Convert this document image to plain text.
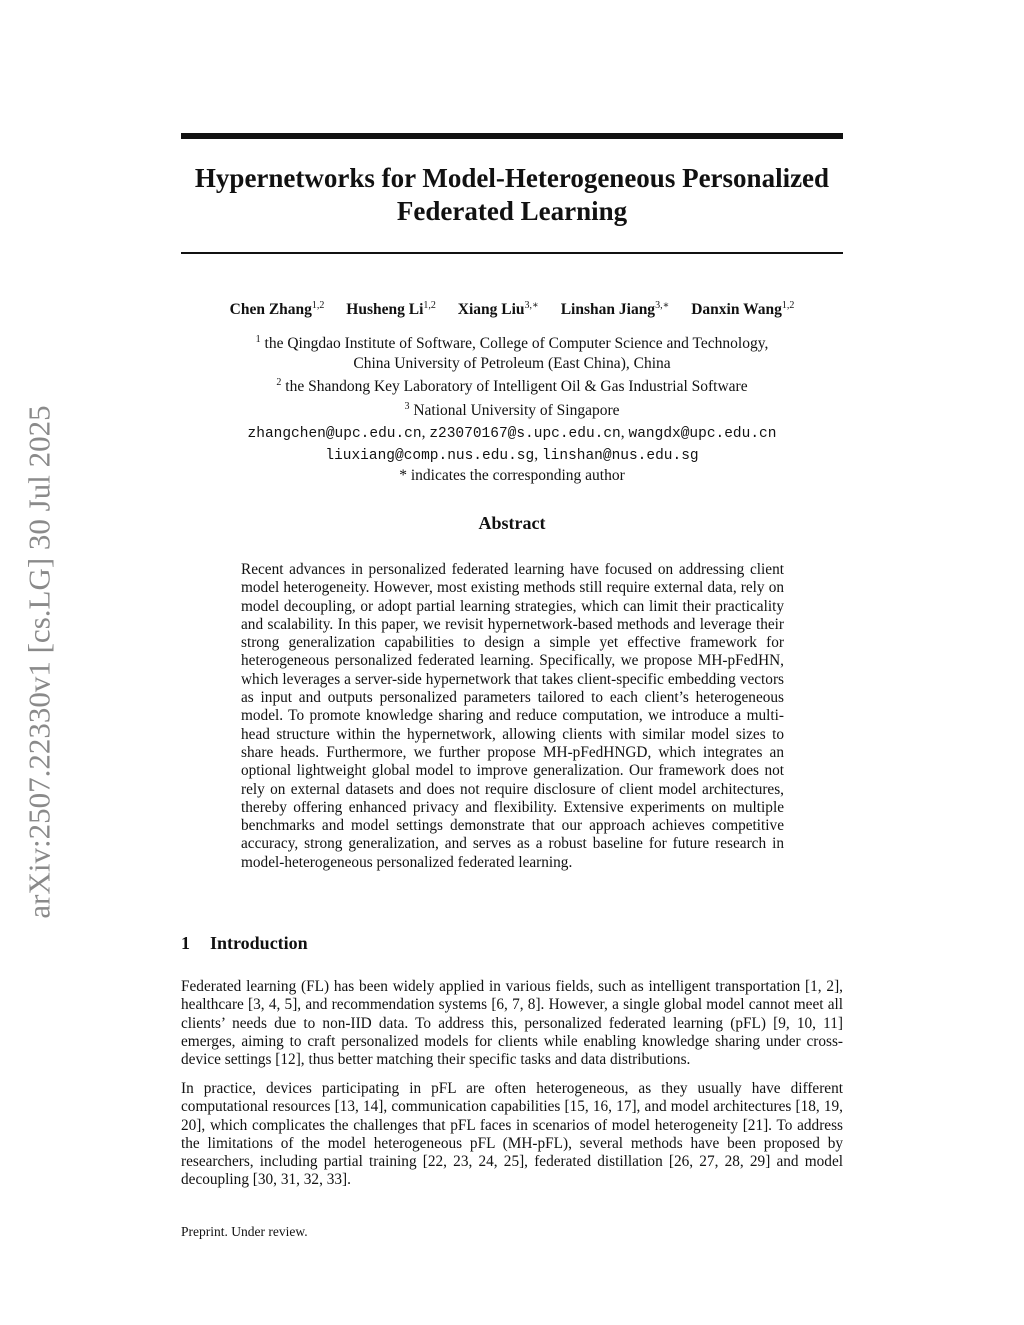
arXiv:2507.22330v1 [cs.LG] 30 Jul 2025
Hypernetworks for Model-Heterogeneous Personalized Federated Learning
Chen Zhang$^{1,2}$ Husheng Li$^{1,2}$ Xiang Liu$^{3,∗}$ Linshan Jiang$^{3,∗}$ Danxin Wang$^{1,2}$
$^1$ the Qingdao Institute of Software, College of Computer Science and Technology,
China University of Petroleum (East China), China
$^2$ the Shandong Key Laboratory of Intelligent Oil & Gas Industrial Software
$^3$ National University of Singapore
zhangchen@upc.edu.cn, z23070167@s.upc.edu.cn, wangdx@upc.edu.cn
liuxiang@comp.nus.edu.sg, linshan@nus.edu.sg
* indicates the corresponding author
Abstract

Recent advances in personalized federated learning have focused on addressing client model heterogeneity. However, most existing methods still require external data, rely on model decoupling, or adopt partial learning strategies, which can limit their practicality and scalability. In this paper, we revisit hypernetwork-based methods and leverage their strong generalization capabilities to design a simple yet effective framework for heterogeneous personalized federated learning. Specifically, we propose MH-pFedHN, which leverages a server-side hypernetwork that takes client-specific embedding vectors as input and outputs personalized parameters tailored to each client’s heterogeneous model. To promote knowledge sharing and reduce computation, we introduce a multi-head structure within the hypernetwork, allowing clients with similar model sizes to share heads. Furthermore, we further propose MH-pFedHNGD, which integrates an optional lightweight global model to improve generalization. Our framework does not rely on external datasets and does not require disclosure of client model architectures, thereby offering enhanced privacy and flexibility. Extensive experiments on multiple benchmarks and model settings demonstrate that our approach achieves competitive accuracy, strong generalization, and serves as a robust baseline for future research in model-heterogeneous personalized federated learning.

1 Introduction

Federated learning (FL) has been widely applied in various fields, such as intelligent transportation [1, 2], healthcare [3, 4, 5], and recommendation systems [6, 7, 8]. However, a single global model cannot meet all clients’ needs due to non-IID data. To address this, personalized federated learning (pFL) [9, 10, 11] emerges, aiming to craft personalized models for clients while enabling knowledge sharing under cross-device settings [12], thus better matching their specific tasks and data distributions.

In practice, devices participating in pFL are often heterogeneous, as they usually have different computational resources [13, 14], communication capabilities [15, 16, 17], and model architectures [18, 19, 20], which complicates the challenges that pFL faces in scenarios of model heterogeneity [21]. To address the limitations of the model heterogeneous pFL (MH-pFL), several methods have been proposed by researchers, including partial training [22, 23, 24, 25], federated distillation [26, 27, 28, 29] and model decoupling [30, 31, 32, 33].

Preprint. Under review.
